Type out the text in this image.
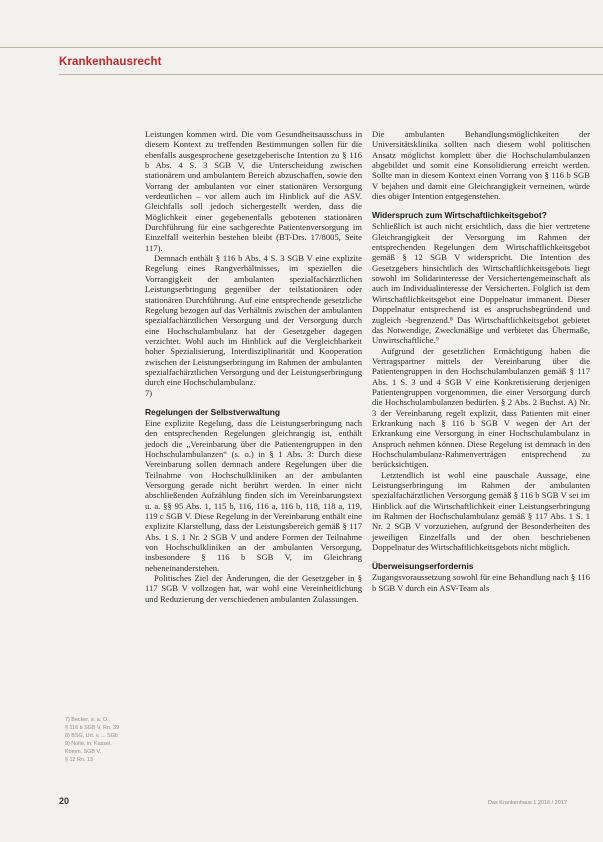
Krankenhausrecht

Leistungen kommen wird. Die vom Gesundheitsausschuss in diesem Kontext zu treffenden Bestimmungen sollen für die ebenfalls ausgesprochene gesetzgeberische Intention zu § 116 b Abs. 4 S. 3 SGB V, die Unterscheidung zwischen stationärem und ambulantem Bereich abzuschaffen, sowie den Vorrang der ambulanten vor einer stationären Versorgung verdeutlichen – vor allem auch im Hinblick auf die ASV. Gleichfalls soll jedoch sichergestellt werden, dass die Möglichkeit einer gegebenenfalls gebotenen stationären Durchführung für eine sachgerechte Patientenversorgung im Einzelfall weiterhin bestehen bleibt (BT-Drs. 17/8005, Seite 117).

Demnach enthält § 116 b Abs. 4 S. 3 SGB V eine explizite Regelung eines Rangverhältnisses, im speziellen die Vorrangigkeit der ambulanten spezialfachärztlichen Leistungserbringung gegenüber der teilstationären oder stationären Durchführung. Auf eine entsprechende gesetzliche Regelung bezogen auf das Verhältnis zwischen der ambulanten spezialfachärztlichen Versorgung und der Versorgung durch eine Hochschulambulanz hat der Gesetzgeber dagegen verzichtet. Wohl auch im Hinblick auf die Vergleichbarkeit hoher Spezialisierung, Interdisziplinarität und Kooperation zwischen der Leistungserbringung im Rahmen der ambulanten spezialfachärztlichen Versorgung und der Leistungserbringung durch eine Hochschulambulanz.

7)

Regelungen der Selbstverwaltung

Eine explizite Regelung, dass die Leistungserbringung nach den entsprechenden Regelungen gleichrangig ist, enthält jedoch die „Vereinbarung über die Patientengruppen in den Hochschulambulanzen“ (s. o.) in § 1 Abs. 3: Durch diese Vereinbarung sollen demnach andere Regelungen über die Teilnahme von Hochschulkliniken an der ambulanten Versorgung gerade nicht berührt werden. In einer nicht abschließenden Aufzählung finden sich im Vereinbarungstext u. a. §§ 95 Abs. 1, 115 b, 116, 116 a, 116 b, 118, 118 a, 119, 119 c SGB V. Diese Regelung in der Vereinbarung enthält eine explizite Klarstellung, dass der Leistungsbereich gemäß § 117 Abs. 1 S. 1 Nr. 2 SGB V und andere Formen der Teilnahme von Hochschulkliniken an der ambulanten Versorgung, insbesondere § 116 b SGB V, im Gleichrang nebeneinanderstehen.

Politisches Ziel der Änderungen, die der Gesetzgeber in § 117 SGB V vollzogen hat, war wohl eine Vereinheitlichung und Reduzierung der verschiedenen ambulanten Zulassungen.

Die ambulanten Behandlungsmöglichkeiten der Universitätsklinika sollten nach diesem wohl politischen Ansatz möglichst komplett über die Hochschulambulanzen abgebildet und somit eine Konsolidierung erreicht werden. Sollte man in diesem Kontext einen Vorrang von § 116 b SGB V bejahen und damit eine Gleichrangigkeit verneinen, würde dies obiger Intention entgegenstehen.

Widerspruch zum Wirtschaftlichkeitsgebot?

Schließlich ist auch nicht ersichtlich, dass die hier vertretene Gleichrangigkeit der Versorgung im Rahmen der entsprechenden Regelungen dem Wirtschaftlichkeitsgebot gemäß § 12 SGB V widerspricht. Die Intention des Gesetzgebers hinsichtlich des Wirtschaftlichkeitsgebots liegt sowohl im Solidarinteresse der Versichertengemeinschaft als auch im Individualinteresse der Versicherten. Folglich ist dem Wirtschaftlichkeitsgebot eine Doppelnatur immanent. Dieser Doppelnatur entsprechend ist es anspruchsbegründend und zugleich -begrenzend.⁸ Das Wirtschaftlichkeitsgebot gebietet das Notwendige, Zweckmäßige und verbietet das Übermaße, Unwirtschaftliche.⁹

Aufgrund der gesetzlichen Ermächtigung haben die Vertragspartner mittels der Vereinbarung über die Patientengruppen in den Hochschulambulanzen gemäß § 117 Abs. 1 S. 3 und 4 SGB V eine Konkretisierung derjenigen Patientengruppen vorgenommen, die einer Versorgung durch die Hochschulambulanzen bedürfen. § 2 Abs. 2 Buchst. A) Nr. 3 der Vereinbarung regelt explizit, dass Patienten mit einer Erkrankung nach § 116 b SGB V wegen der Art der Erkrankung eine Versorgung in einer Hochschulambulanz in Anspruch nehmen können. Diese Regelung ist demnach in den Hochschulambulanz-Rahmenverträgen entsprechend zu berücksichtigen.

Letztendlich ist wohl eine pauschale Aussage, eine Leistungserbringung im Rahmen der ambulanten spezialfachärztlichen Versorgung gemäß § 116 b SGB V sei im Hinblick auf die Wirtschaftlichkeit einer Leistungserbringung im Rahmen der Hochschulambulanz gemäß § 117 Abs. 1 S. 1 Nr. 2 SGB V vorzuziehen, aufgrund der Besonderheiten des jeweiligen Einzelfalls und der oben beschriebenen Doppelnatur des Wirtschaftlichkeitsgebots nicht möglich.

Überweisungserfordernis

Zugangsvoraussetzung sowohl für eine Behandlung nach § 116 b SGB V durch ein ASV-Team als

7) Becker, a. a. O.,
§ 116 b SGB V, Rn. 39
8) BSG, Urt. v. ... SGb
9) Nolte, in: Kassel.
Komm. SGB V,
§ 12 Rn. 13
20	Das Krankenhaus 1.2016 / 2017
